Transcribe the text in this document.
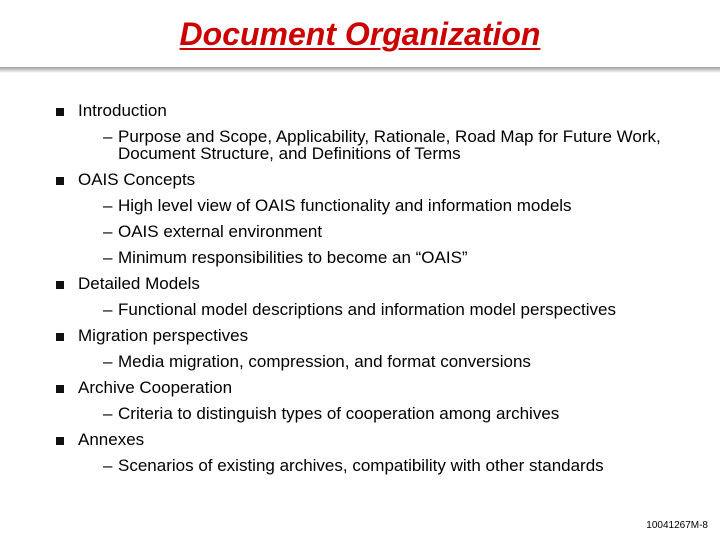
Document Organization
Introduction
– Purpose and Scope, Applicability, Rationale, Road Map for Future Work, Document Structure, and Definitions of Terms
OAIS Concepts
– High level view of OAIS functionality and information models
– OAIS external environment
– Minimum responsibilities to become an “OAIS”
Detailed Models
– Functional model descriptions and information model perspectives
Migration perspectives
– Media migration, compression, and format conversions
Archive Cooperation
– Criteria to distinguish types of cooperation among archives
Annexes
– Scenarios of existing archives, compatibility with other standards
10041267M-8
